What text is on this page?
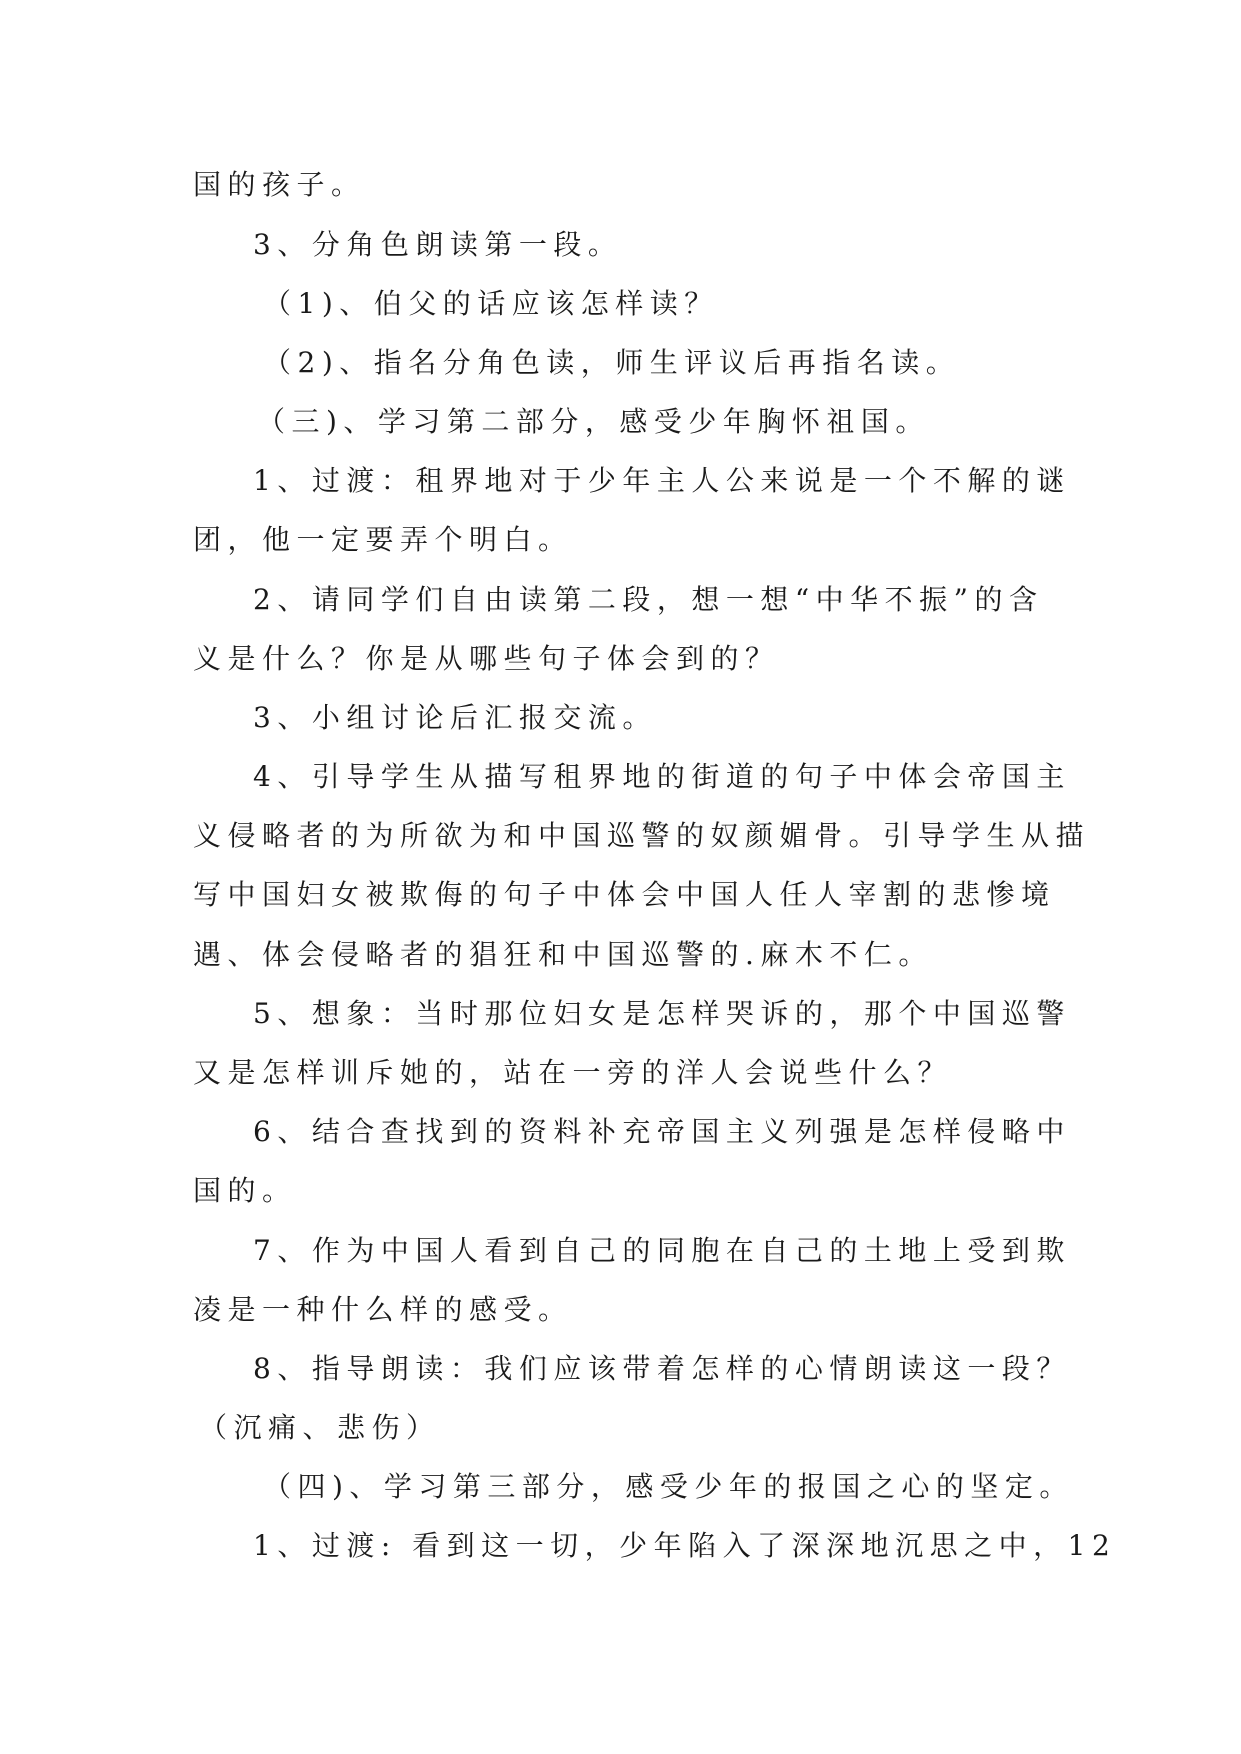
国的孩子。
3、分角色朗读第一段。
（1)、伯父的话应该怎样读？
（2)、指名分角色读，师生评议后再指名读。
（三)、学习第二部分，感受少年胸怀祖国。
1、过渡：租界地对于少年主人公来说是一个不解的谜
团，他一定要弄个明白。
2、请同学们自由读第二段，想一想“中华不振”的含
义是什么？你是从哪些句子体会到的？
3、小组讨论后汇报交流。
4、引导学生从描写租界地的街道的句子中体会帝国主
义侵略者的为所欲为和中国巡警的奴颜媚骨。引导学生从描
写中国妇女被欺侮的句子中体会中国人任人宰割的悲惨境
遇、体会侵略者的猖狂和中国巡警的.麻木不仁。
5、想象：当时那位妇女是怎样哭诉的，那个中国巡警
又是怎样训斥她的，站在一旁的洋人会说些什么？
6、结合查找到的资料补充帝国主义列强是怎样侵略中
国的。
7、作为中国人看到自己的同胞在自己的土地上受到欺
凌是一种什么样的感受。
8、指导朗读：我们应该带着怎样的心情朗读这一段？
（沉痛、悲伤）
（四)、学习第三部分，感受少年的报国之心的坚定。
1、过渡: 看到这一切，少年陷入了深深地沉思之中，12
